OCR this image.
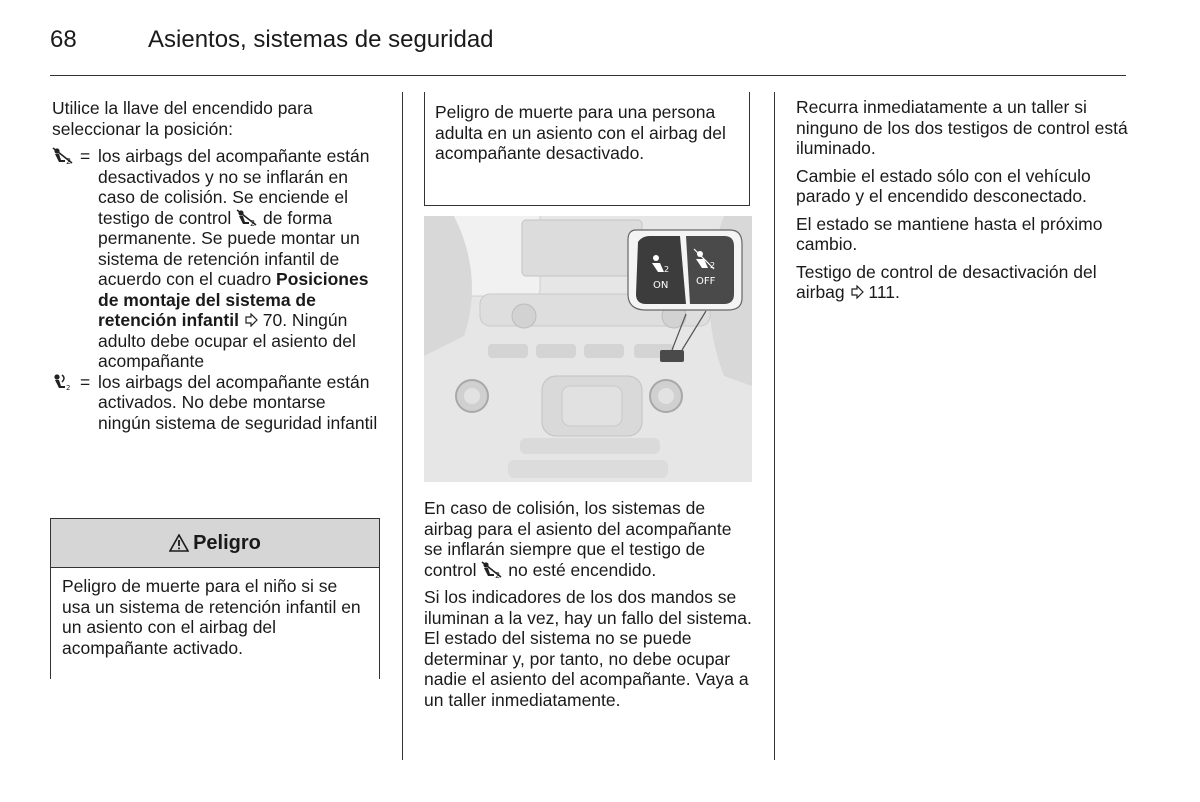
68	Asientos, sistemas de seguridad

Utilice la llave del encendido para seleccionar la posición:

2 = los airbags del acompañante están desactivados y no se inflarán en caso de colisión. Se enciende el testigo de control 2 de forma permanente. Se puede montar un sistema de retención infantil de acuerdo con el cuadro Posiciones de montaje del sistema de retención infantil 70. Ningún adulto debe ocupar el asiento del acompañante
2 = los airbags del acompañante están activados. No debe montarse ningún sistema de seguridad infantil
Peligro
Peligro de muerte para el niño si se usa un sistema de retención infantil en un asiento con el airbag del acompañante activado.
Peligro de muerte para una persona adulta en un asiento con el airbag del acompañante desactivado.
2
ON
2
OFF

En caso de colisión, los sistemas de airbag para el asiento del acompañante se inflarán siempre que el testigo de control 2 no esté encendido.

Si los indicadores de los dos mandos se iluminan a la vez, hay un fallo del sistema. El estado del sistema no se puede determinar y, por tanto, no debe ocupar nadie el asiento del acompañante. Vaya a un taller inmediatamente.

Recurra inmediatamente a un taller si ninguno de los dos testigos de control está iluminado.

Cambie el estado sólo con el vehículo parado y el encendido desconectado.

El estado se mantiene hasta el próximo cambio.

Testigo de control de desactivación del airbag 111.
